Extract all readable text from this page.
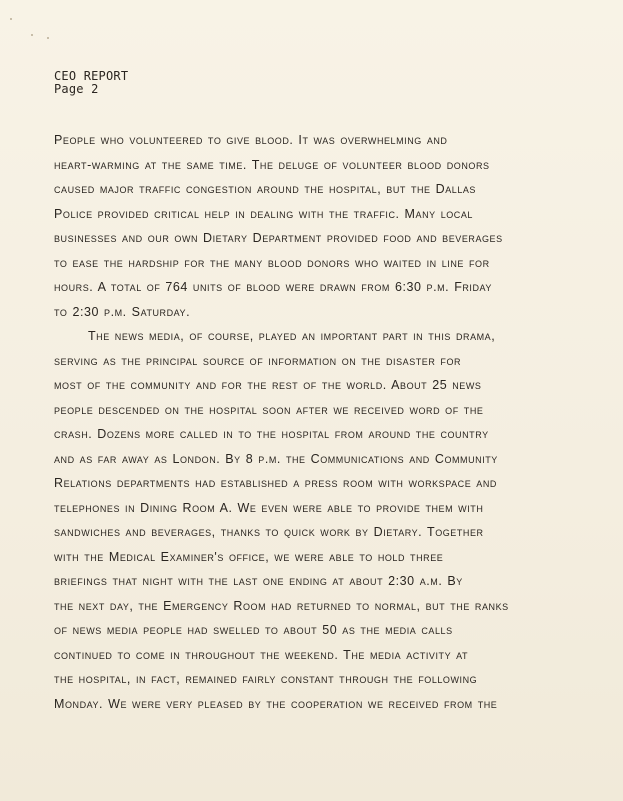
CEO REPORT
Page 2
People who volunteered to give blood. It was overwhelming and
heart-warming at the same time. The deluge of volunteer blood donors
caused major traffic congestion around the hospital, but the Dallas
Police provided critical help in dealing with the traffic. Many local
businesses and our own Dietary Department provided food and beverages
to ease the hardship for the many blood donors who waited in line for
hours. A total of 764 units of blood were drawn from 6:30 p.m. Friday
to 2:30 p.m. Saturday.
The news media, of course, played an important part in this drama,
serving as the principal source of information on the disaster for
most of the community and for the rest of the world. About 25 news
people descended on the hospital soon after we received word of the
crash. Dozens more called in to the hospital from around the country
and as far away as London. By 8 p.m. the Communications and Community
Relations departments had established a press room with workspace and
telephones in Dining Room A. We even were able to provide them with
sandwiches and beverages, thanks to quick work by Dietary. Together
with the Medical Examiner's office, we were able to hold three
briefings that night with the last one ending at about 2:30 a.m. By
the next day, the Emergency Room had returned to normal, but the ranks
of news media people had swelled to about 50 as the media calls
continued to come in throughout the weekend. The media activity at
the hospital, in fact, remained fairly constant through the following
Monday. We were very pleased by the cooperation we received from the
